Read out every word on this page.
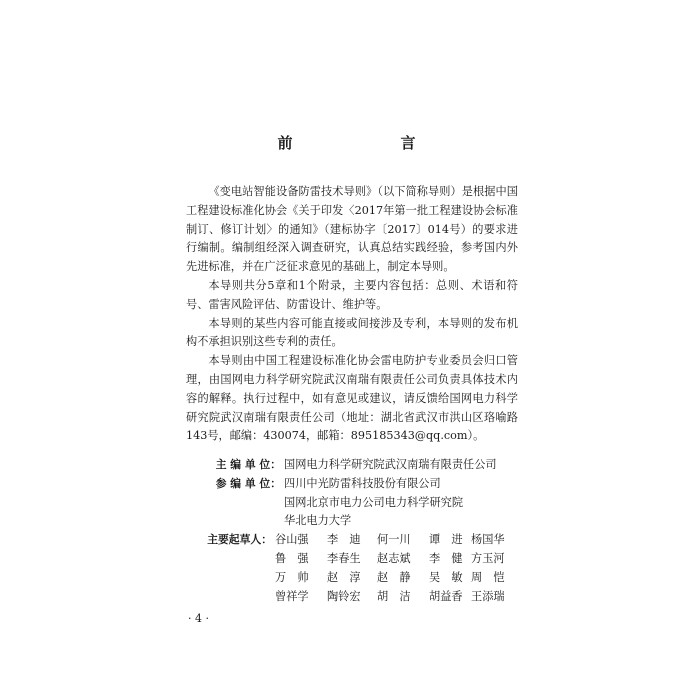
前　　言

《变电站智能设备防雷技术导则》（以下简称导则）是根据中国工程建设标准化协会《关于印发〈2017年第一批工程建设协会标准制订、修订计划〉的通知》（建标协字〔2017〕014号）的要求进行编制。编制组经深入调查研究，认真总结实践经验，参考国内外先进标准，并在广泛征求意见的基础上，制定本导则。

本导则共分5章和1个附录，主要内容包括：总则、术语和符号、雷害风险评估、防雷设计、维护等。

本导则的某些内容可能直接或间接涉及专利，本导则的发布机构不承担识别这些专利的责任。

本导则由中国工程建设标准化协会雷电防护专业委员会归口管理，由国网电力科学研究院武汉南瑞有限责任公司负责具体技术内容的解释。执行过程中，如有意见或建议，请反馈给国网电力科学研究院武汉南瑞有限责任公司（地址：湖北省武汉市洪山区珞喻路143号，邮编：430074，邮箱：895185343@qq.com）。

主 编 单 位： 国网电力科学研究院武汉南瑞有限责任公司
参 编 单 位： 四川中光防雷科技股份有限公司
国网北京市电力公司电力科学研究院
华北电力大学
主要起草人： 谷山强	李　迪	何一川	谭　进 杨国华
鲁　强	李春生	赵志斌	李　健 方玉河
万　帅	赵　淳	赵　静	吴　敏 周　恺
曾祥学	陶铃宏	胡　洁	胡益香 王添瑞
· 4 ·
